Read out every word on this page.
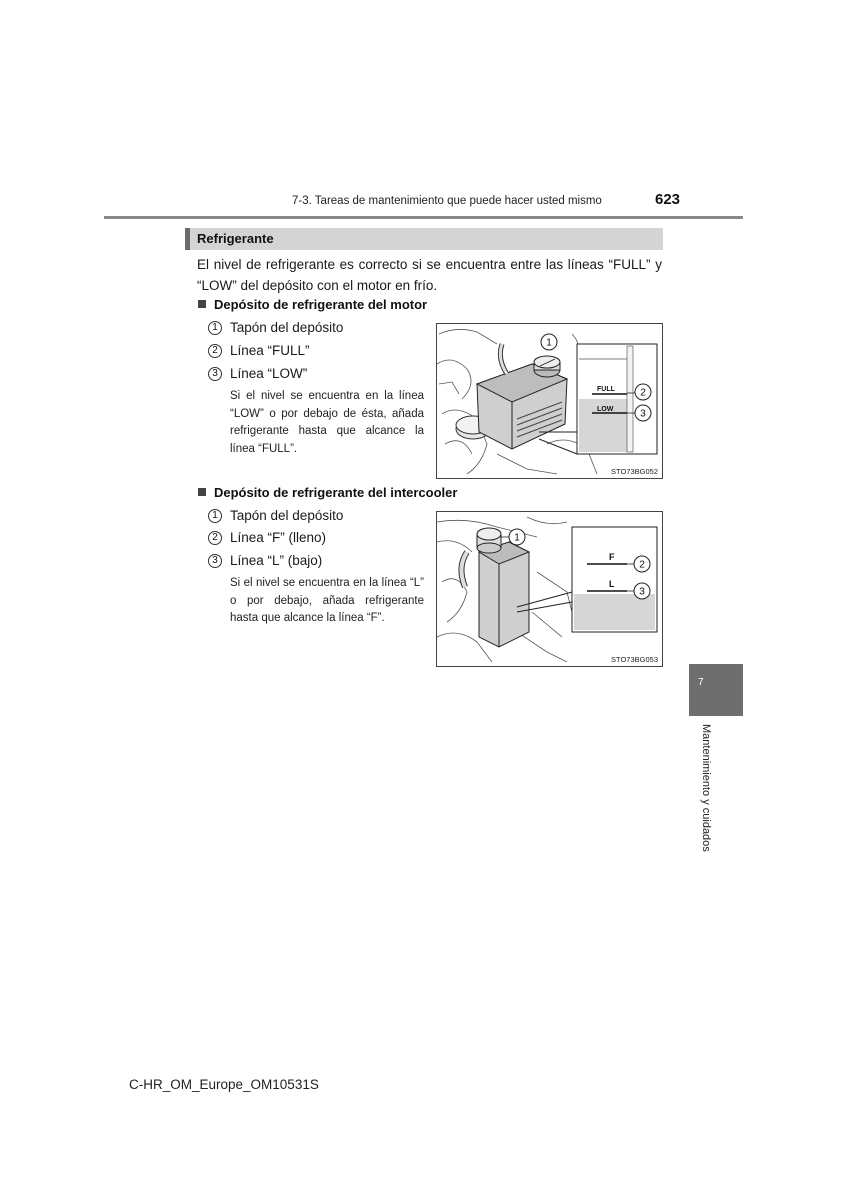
7-3. Tareas de mantenimiento que puede hacer usted mismo	623
Refrigerante
El nivel de refrigerante es correcto si se encuentra entre las líneas “FULL” y “LOW” del depósito con el motor en frío.
Depósito de refrigerante del motor
1 Tapón del depósito
2 Línea “FULL”
3 Línea “LOW”
Si el nivel se encuentra en la línea “LOW” o por debajo de ésta, añada refrigerante hasta que alcance la línea “FULL”.
FULL
LOW
1
2
3
STO73BG052
Depósito de refrigerante del intercooler
1 Tapón del depósito
2 Línea “F” (lleno)
3 Línea “L” (bajo)
Si el nivel se encuentra en la línea “L” o por debajo, añada refrigerante hasta que alcance la línea “F”.
F
L
1
2
3
STO73BG053
7
Mantenimiento y cuidados
C-HR_OM_Europe_OM10531S
